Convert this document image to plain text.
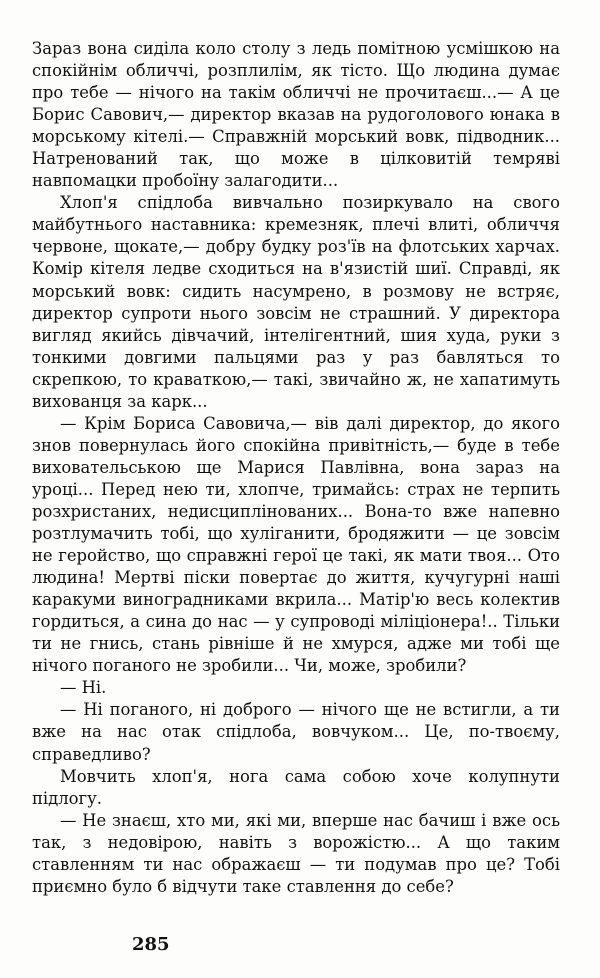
Зараз вона сиділа коло столу з ледь помітною усмішкою на спокійнім обличчі, розплилім, як тісто. Що людина думає про тебе — нічого на такім обличчі не прочитаєш...— А це Борис Савович,— директор вказав на рудоголового юнака в морському кітелі.— Справжній морський вовк, підводник... Натренований так, що може в цілковитій темряві навпомацки пробоїну залагодити...

Хлоп'я спідлоба вивчально позиркувало на свого майбутнього наставника: кремезняк, плечі влиті, обличчя червоне, щокате,— добру будку роз'їв на флотських харчах. Комір кітеля ледве сходиться на в'язистій шиї. Справді, як морський вовк: сидить насумрено, в розмову не встряє, директор супроти нього зовсім не страшний. У директора вигляд якийсь дівчачий, інтелігентний, шия худа, руки з тонкими довгими пальцями раз у раз бавляться то скрепкою, то краваткою,— такі, звичайно ж, не хапатимуть вихованця за карк...

— Крім Бориса Савовича,— вів далі директор, до якого знов повернулась його спокійна привітність,— буде в тебе виховательською ще Марися Павлівна, вона зараз на уроці... Перед нею ти, хлопче, тримайсь: страх не терпить розхристаних, недисциплінованих... Вона-то вже напевно розтлумачить тобі, що хуліганити, бродяжити — це зовсім не геройство, що справжні герої це такі, як мати твоя... Ото людина! Мертві піски повертає до життя, кучугурні наші каракуми виноградниками вкрила... Матір'ю весь колектив гордиться, а сина до нас — у супроводі міліціонера!.. Тільки ти не гнись, стань рівніше й не хмурся, адже ми тобі ще нічого поганого не зробили... Чи, може, зробили?

— Ні.

— Ні поганого, ні доброго — нічого ще не встигли, а ти вже на нас отак спідлоба, вовчуком... Це, по-твоєму, справедливо?

Мовчить хлоп'я, нога сама собою хоче колупнути підлогу.

— Не знаєш, хто ми, які ми, вперше нас бачиш і вже ось так, з недовірою, навіть з ворожістю... А що таким ставленням ти нас ображаєш — ти подумав про це? Тобі приємно було б відчути таке ставлення до себе?

285
